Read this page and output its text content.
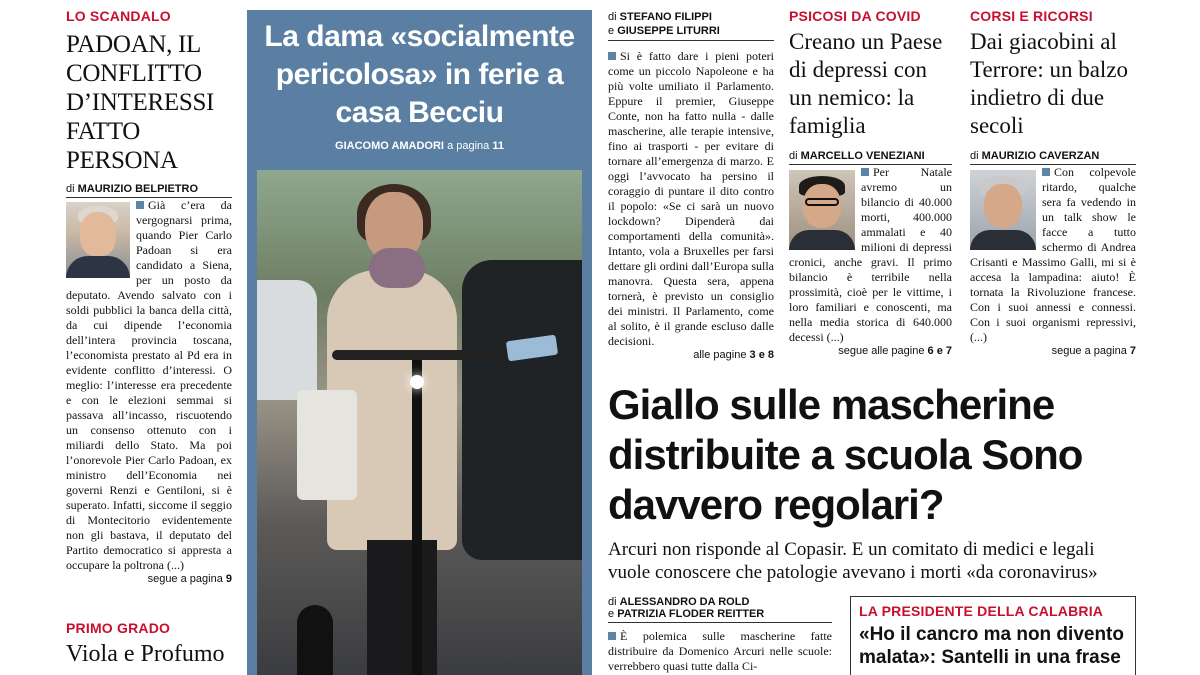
LO SCANDALO
PADOAN, IL CONFLITTO D’INTERESSI FATTO PERSONA
di MAURIZIO BELPIETRO
Già c’era da vergognarsi prima, quando Pier Carlo Padoan si era candidato a Siena, per un posto da deputato. Avendo salvato con i soldi pubblici la banca della città, da cui dipende l’economia dell’intera provincia toscana, l’economista prestato al Pd era in evidente conflitto d’interessi. O meglio: l’interesse era precedente e con le elezioni semmai si passava all’incasso, riscuotendo un consenso ottenuto con i miliardi dello Stato. Ma poi l’onorevole Pier Carlo Padoan, ex ministro dell’Economia nei governi Renzi e Gentiloni, si è superato. Infatti, siccome il seggio di Montecitorio evidentemente non gli bastava, il deputato del Partito democratico si appresta a occupare la poltrona (...)
segue a pagina 9
PRIMO GRADO
Viola e Profumo
La dama «socialmente pericolosa» in ferie a casa Becciu
GIACOMO AMADORI a pagina 11
di STEFANO FILIPPI
e GIUSEPPE LITURRI
Si è fatto dare i pieni poteri come un piccolo Napoleone e ha più volte umiliato il Parlamento. Eppure il premier, Giuseppe Conte, non ha fatto nulla - dalle mascherine, alle terapie intensive, fino ai trasporti - per evitare di tornare all’emergenza di marzo. E oggi l’avvocato ha persino il coraggio di puntare il dito contro il popolo: «Se ci sarà un nuovo lockdown? Dipenderà dai comportamenti della comunità». Intanto, vola a Bruxelles per farsi dettare gli ordini dall’Europa sulla manovra. Questa sera, appena tornerà, è previsto un consiglio dei ministri. Il Parlamento, come al solito, è il grande escluso dalle decisioni.
alle pagine 3 e 8
PSICOSI DA COVID
Creano un Paese di depressi con un nemico: la famiglia
di MARCELLO VENEZIANI
Per Natale avremo un bilancio di 40.000 morti, 400.000 ammalati e 40 milioni di depressi cronici, anche gravi. Il primo bilancio è terribile nella prossimità, cioè per le vittime, i loro familiari e conoscenti, ma nella media storica di 640.000 decessi (...)
segue alle pagine 6 e 7
CORSI E RICORSI
Dai giacobini al Terrore: un balzo indietro di due secoli
di MAURIZIO CAVERZAN
Con colpevole ritardo, qualche sera fa vedendo in un talk show le facce a tutto schermo di Andrea Crisanti e Massimo Galli, mi si è accesa la lampadina: aiuto! È tornata la Rivoluzione francese. Con i suoi annessi e connessi. Con i suoi organismi repressivi, (...)
segue a pagina 7
Giallo sulle mascherine distribuite a scuola Sono davvero regolari?
Arcuri non risponde al Copasir. E un comitato di medici e legali vuole conoscere che patologie avevano i morti «da coronavirus»
di ALESSANDRO DA ROLD
e PATRIZIA FLODER REITTER
È polemica sulle mascherine fatte distribuire da Domenico Arcuri nelle scuole: verrebbero quasi tutte dalla Ci-
LA PRESIDENTE DELLA CALABRIA
«Ho il cancro ma non divento malata»: Santelli in una frase
